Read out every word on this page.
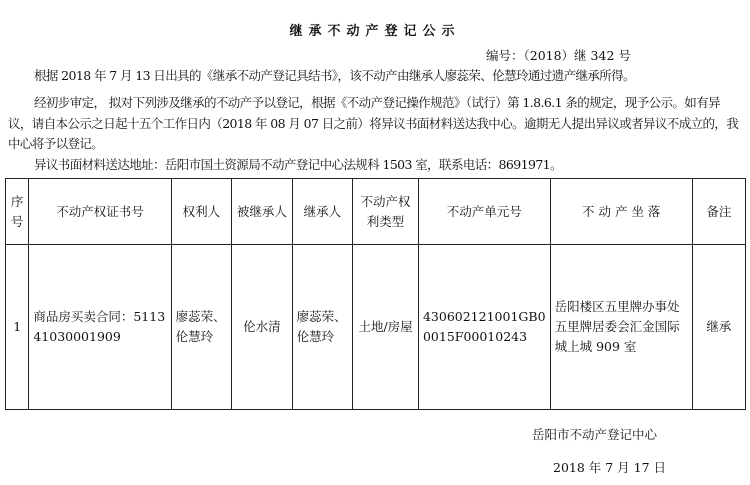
继承不动产登记公示
编号：（2018）继 342 号

根据 2018 年 7 月 13 日出具的《继承不动产登记具结书》，该不动产由继承人廖蕊荣、伦慧玲通过遗产继承所得。

经初步审定， 拟对下列涉及继承的不动产予以登记，根据《不动产登记操作规范》（试行）第 1.8.6.1 条的规定，现予公示。如有异议，请自本公示之日起十五个工作日内（2018 年 08 月 07 日之前）将异议书面材料送达我中心。逾期无人提出异议或者异议不成立的，我中心将予以登记。

异议书面材料送达地址：岳阳市国土资源局不动产登记中心法规科 1503 室，联系电话：8691971。

序号	不动产权证书号	权利人	被继承人	继承人	不动产权利类型	不动产单元号	不 动 产 坐 落	备注
1	商品房买卖合同：511341030001909	廖蕊荣、伦慧玲	伦水清	廖蕊荣、伦慧玲	土地/房屋	430602121001GB00015F00010243	岳阳楼区五里牌办事处五里牌居委会汇金国际城上城 909 室	继承
岳阳市不动产登记中心
2018 年 7 月 17 日
